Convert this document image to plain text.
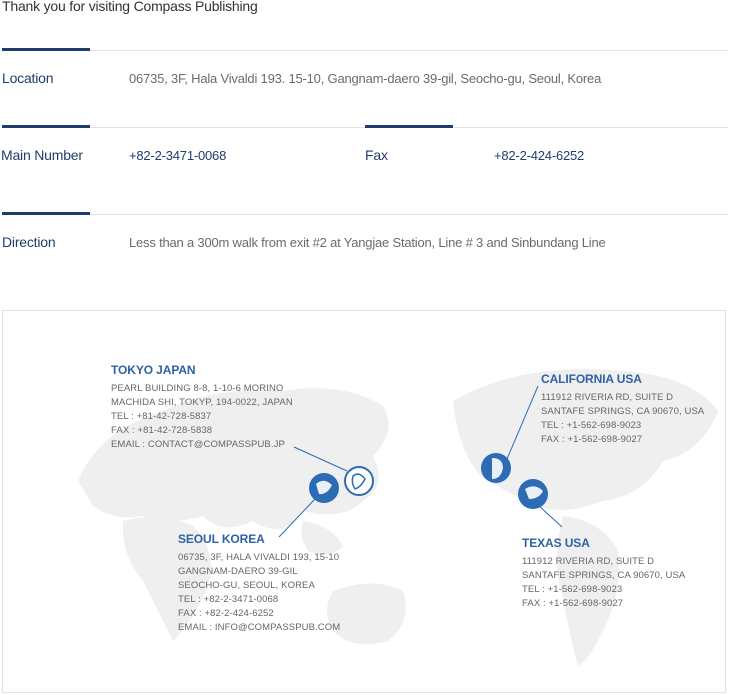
Thank you for visiting Compass Publishing
Location	06735, 3F, Hala Vivaldi 193. 15-10, Gangnam-daero 39-gil, Seocho-gu, Seoul, Korea
Main Number	+82-2-3471-0068	Fax	+82-2-424-6252
Direction	Less than a 300m walk from exit #2 at Yangjae Station, Line # 3 and Sinbundang Line
TOKYO JAPAN
PEARL BUILDING 8-8, 1-10-6 MORINO
MACHIDA SHI, TOKYP, 194-0022, JAPAN
TEL : +81-42-728-5837
FAX : +81-42-728-5838
EMAIL : CONTACT@COMPASSPUB.JP
SEOUL KOREA
06735, 3F, HALA VIVALDI 193, 15-10
GANGNAM-DAERO 39-GIL
SEOCHO-GU, SEOUL, KOREA
TEL : +82-2-3471-0068
FAX : +82-2-424-6252
EMAIL : INFO@COMPASSPUB.COM
CALIFORNIA USA
111912 RIVERIA RD, SUITE D
SANTAFE SPRINGS, CA 90670, USA
TEL : +1-562-698-9023
FAX : +1-562-698-9027
TEXAS USA
111912 RIVERIA RD, SUITE D
SANTAFE SPRINGS, CA 90670, USA
TEL : +1-562-698-9023
FAX : +1-562-698-9027
